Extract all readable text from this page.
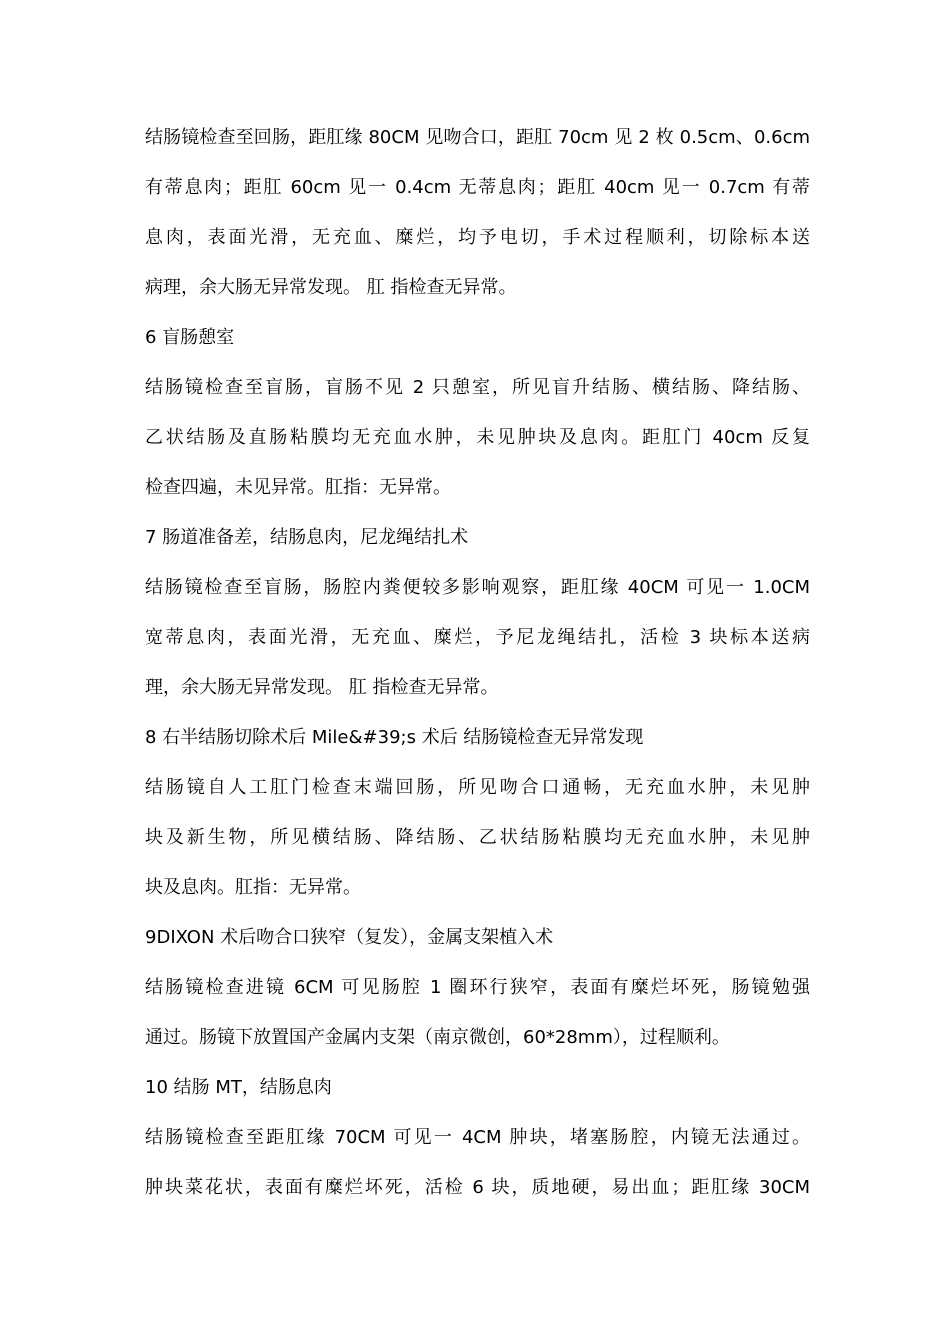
结肠镜检查至回肠，距肛缘 80CM 见吻合口，距肛 70cm 见 2 枚 0.5cm、0.6cm
有蒂息肉；距肛 60cm 见一 0.4cm 无蒂息肉；距肛 40cm 见一 0.7cm 有蒂
息肉，表面光滑，无充血、糜烂，均予电切，手术过程顺利，切除标本送
病理，余大肠无异常发现。 肛 指检查无异常。
6 盲肠憩室
结肠镜检查至盲肠，盲肠不见 2 只憩室，所见盲升结肠、横结肠、降结肠、
乙状结肠及直肠粘膜均无充血水肿，未见肿块及息肉。距肛门 40cm 反复
检查四遍，未见异常。肛指：无异常。
7 肠道准备差，结肠息肉，尼龙绳结扎术
结肠镜检查至盲肠，肠腔内粪便较多影响观察，距肛缘 40CM 可见一 1.0CM
宽蒂息肉，表面光滑，无充血、糜烂，予尼龙绳结扎，活检 3 块标本送病
理，余大肠无异常发现。 肛 指检查无异常。
8 右半结肠切除术后 Mile&#39;s 术后 结肠镜检查无异常发现
结肠镜自人工肛门检查末端回肠，所见吻合口通畅，无充血水肿，未见肿
块及新生物，所见横结肠、降结肠、乙状结肠粘膜均无充血水肿，未见肿
块及息肉。肛指：无异常。
9DIXON 术后吻合口狭窄（复发），金属支架植入术
结肠镜检查进镜 6CM 可见肠腔 1 圈环行狭窄，表面有糜烂坏死，肠镜勉强
通过。肠镜下放置国产金属内支架（南京微创，60*28mm），过程顺利。
10 结肠 MT，结肠息肉
结肠镜检查至距肛缘 70CM 可见一 4CM 肿块，堵塞肠腔，内镜无法通过。
肿块菜花状，表面有糜烂坏死，活检 6 块，质地硬，易出血；距肛缘 30CM
